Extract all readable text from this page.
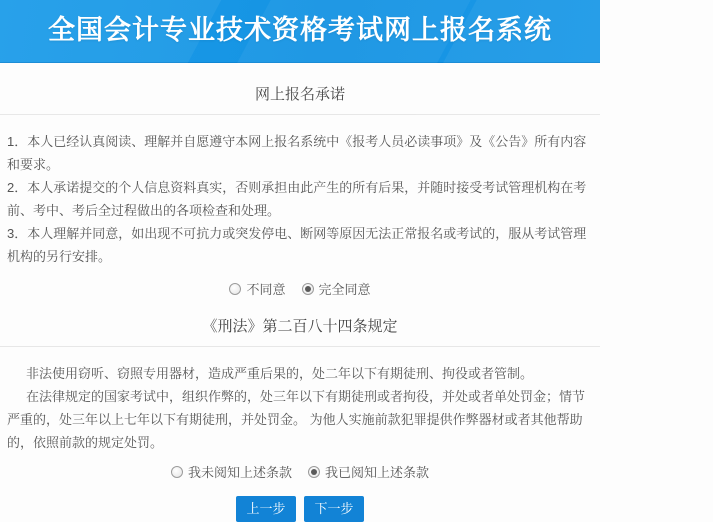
全国会计专业技术资格考试网上报名系统
网上报名承诺

1．本人已经认真阅读、理解并自愿遵守本网上报名系统中《报考人员必读事项》及《公告》所有内容和要求。

2．本人承诺提交的个人信息资料真实，否则承担由此产生的所有后果，并随时接受考试管理机构在考前、考中、考后全过程做出的各项检查和处理。

3．本人理解并同意，如出现不可抗力或突发停电、断网等原因无法正常报名或考试的，服从考试管理机构的另行安排。

不同意	完全同意
《刑法》第二百八十四条规定

非法使用窃听、窃照专用器材，造成严重后果的，处二年以下有期徒刑、拘役或者管制。

在法律规定的国家考试中，组织作弊的，处三年以下有期徒刑或者拘役，并处或者单处罚金；情节严重的，处三年以上七年以下有期徒刑，并处罚金。 为他人实施前款犯罪提供作弊器材或者其他帮助的，依照前款的规定处罚。

我未阅知上述条款	我已阅知上述条款
上一步	下一步
